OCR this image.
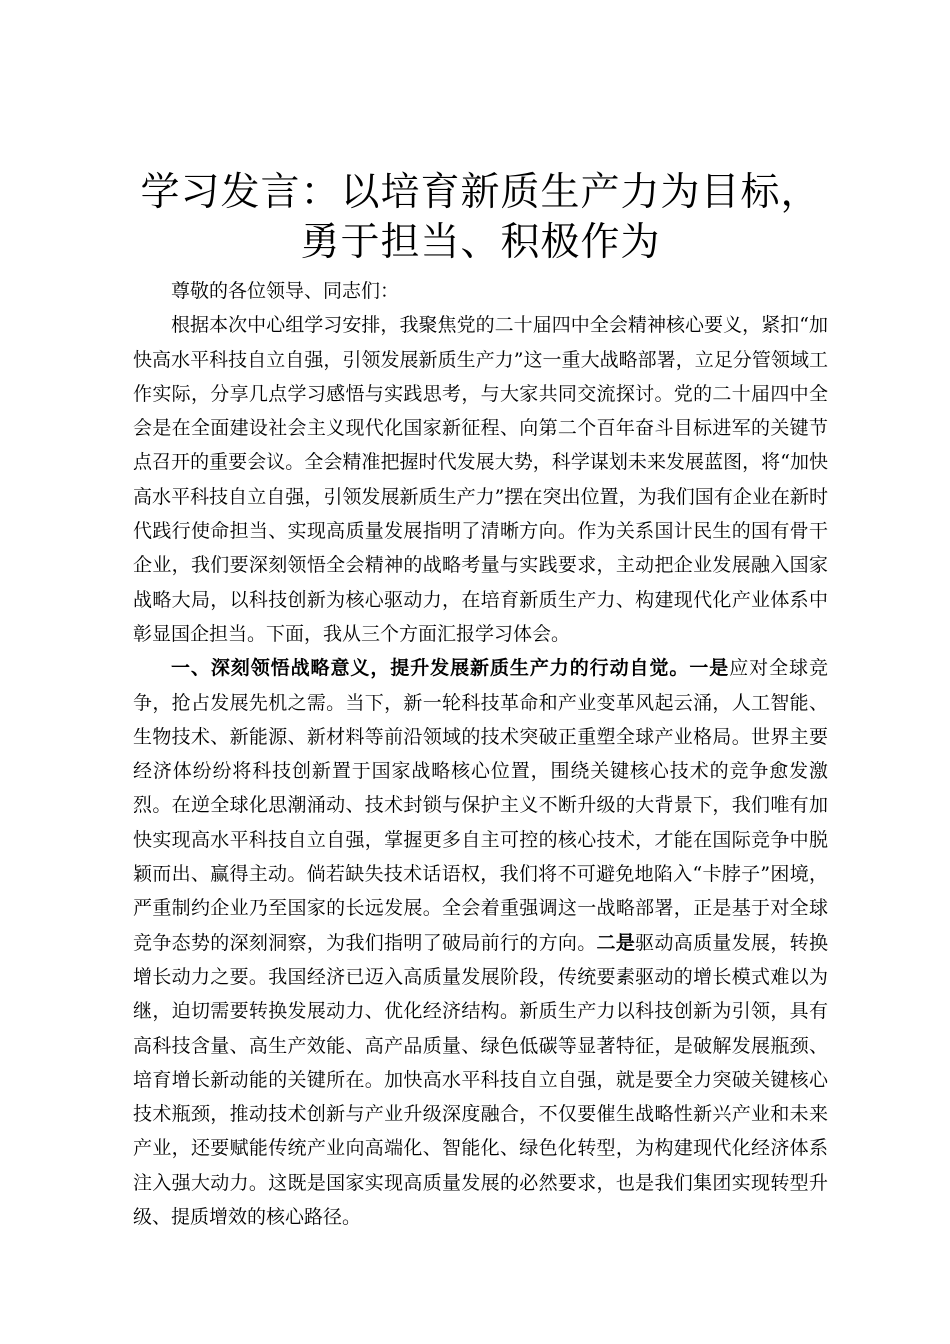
学习发言：以培育新质生产力为目标，勇于担当、积极作为

尊敬的各位领导、同志们：

根据本次中心组学习安排，我聚焦党的二十届四中全会精神核心要义，紧扣“加快高水平科技自立自强，引领发展新质生产力”这一重大战略部署，立足分管领域工作实际，分享几点学习感悟与实践思考，与大家共同交流探讨。党的二十届四中全会是在全面建设社会主义现代化国家新征程、向第二个百年奋斗目标进军的关键节点召开的重要会议。全会精准把握时代发展大势，科学谋划未来发展蓝图，将“加快高水平科技自立自强，引领发展新质生产力”摆在突出位置，为我们国有企业在新时代践行使命担当、实现高质量发展指明了清晰方向。作为关系国计民生的国有骨干企业，我们要深刻领悟全会精神的战略考量与实践要求，主动把企业发展融入国家战略大局，以科技创新为核心驱动力，在培育新质生产力、构建现代化产业体系中彰显国企担当。下面，我从三个方面汇报学习体会。

一、深刻领悟战略意义，提升发展新质生产力的行动自觉。一是应对全球竞争，抢占发展先机之需。当下，新一轮科技革命和产业变革风起云涌，人工智能、生物技术、新能源、新材料等前沿领域的技术突破正重塑全球产业格局。世界主要经济体纷纷将科技创新置于国家战略核心位置，围绕关键核心技术的竞争愈发激烈。在逆全球化思潮涌动、技术封锁与保护主义不断升级的大背景下，我们唯有加快实现高水平科技自立自强，掌握更多自主可控的核心技术，才能在国际竞争中脱颖而出、赢得主动。倘若缺失技术话语权，我们将不可避免地陷入“卡脖子”困境，严重制约企业乃至国家的长远发展。全会着重强调这一战略部署，正是基于对全球竞争态势的深刻洞察，为我们指明了破局前行的方向。二是驱动高质量发展，转换增长动力之要。我国经济已迈入高质量发展阶段，传统要素驱动的增长模式难以为继，迫切需要转换发展动力、优化经济结构。新质生产力以科技创新为引领，具有高科技含量、高生产效能、高产品质量、绿色低碳等显著特征，是破解发展瓶颈、培育增长新动能的关键所在。加快高水平科技自立自强，就是要全力突破关键核心技术瓶颈，推动技术创新与产业升级深度融合，不仅要催生战略性新兴产业和未来产业，还要赋能传统产业向高端化、智能化、绿色化转型，为构建现代化经济体系注入强大动力。这既是国家实现高质量发展的必然要求，也是我们集团实现转型升级、提质增效的核心路径。
